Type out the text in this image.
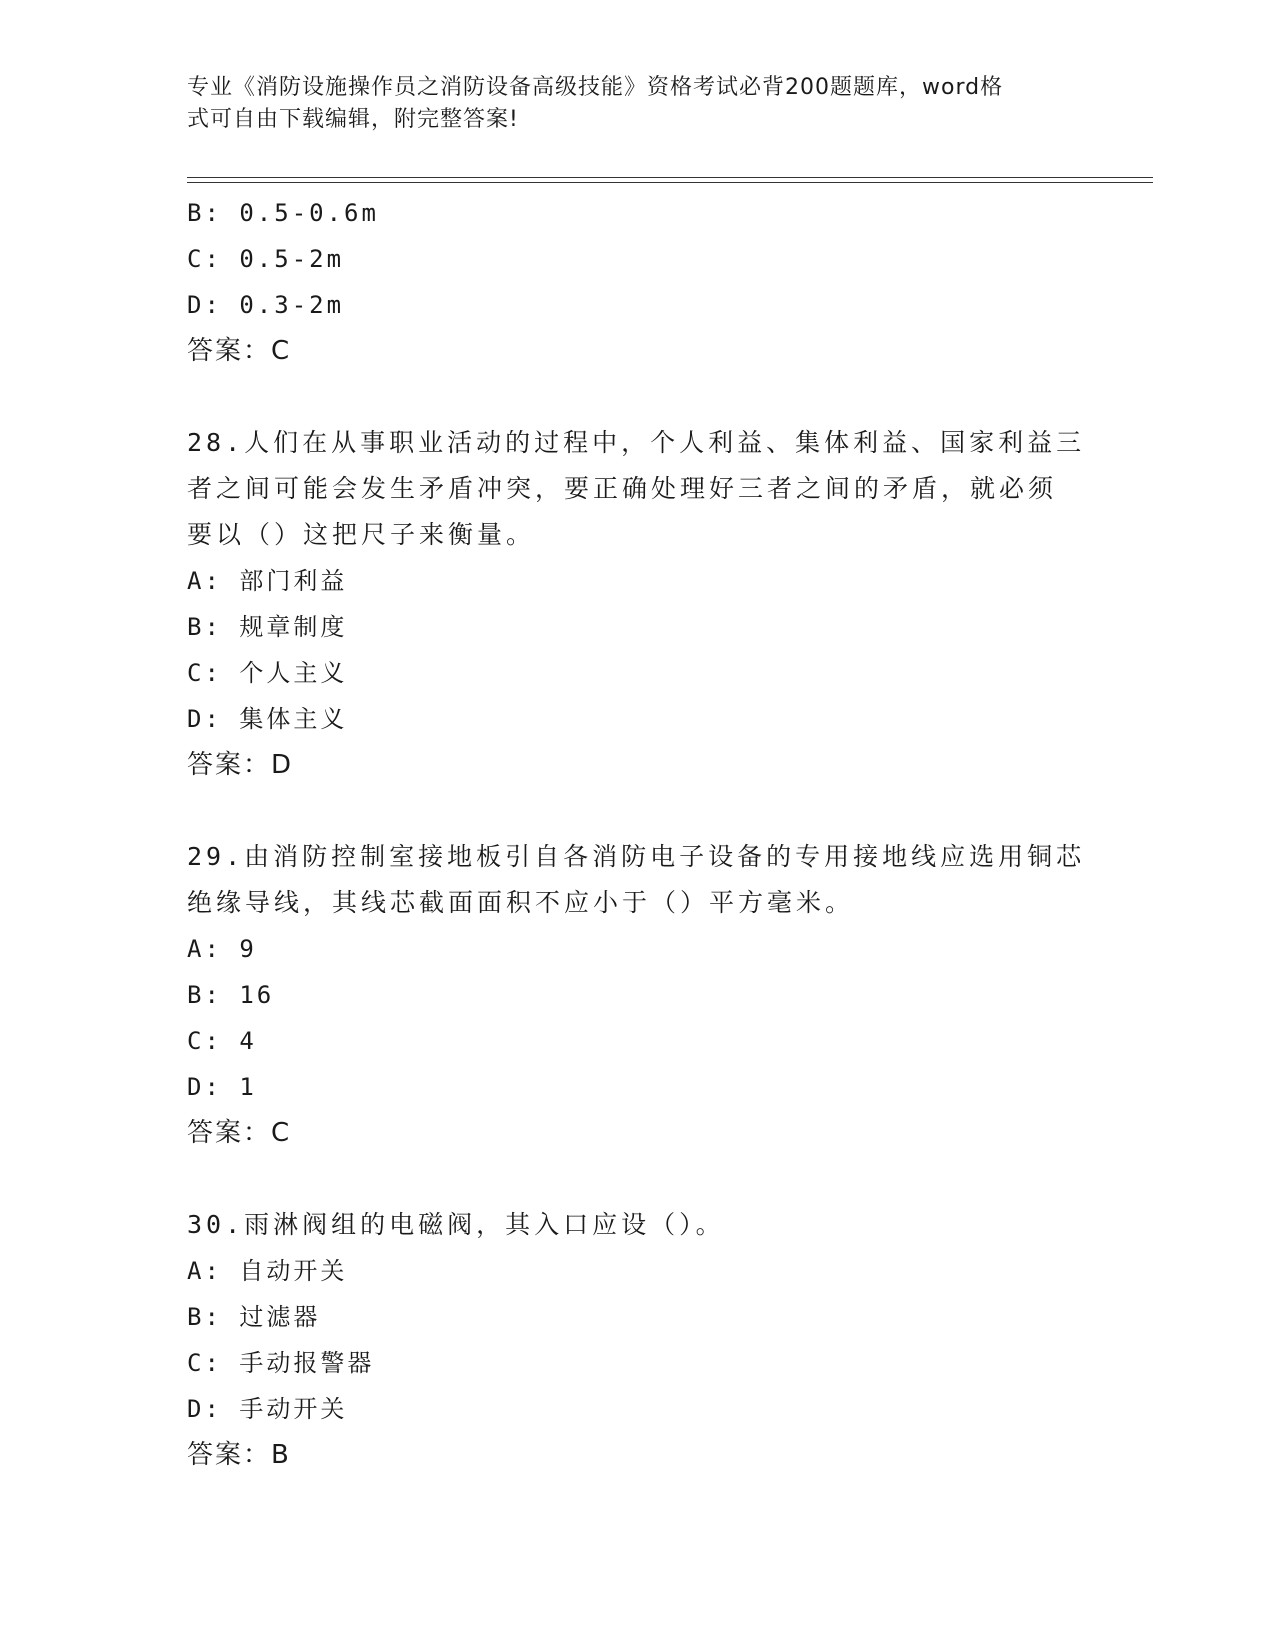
专业《消防设施操作员之消防设备高级技能》资格考试必背200题题库，word格
式可自由下载编辑，附完整答案!
B: 0.5-0.6m
C: 0.5-2m
D: 0.3-2m
答案：C
28.人们在从事职业活动的过程中，个人利益、集体利益、国家利益三
者之间可能会发生矛盾冲突，要正确处理好三者之间的矛盾，就必须
要以（）这把尺子来衡量。
A: 部门利益
B: 规章制度
C: 个人主义
D: 集体主义
答案：D
29.由消防控制室接地板引自各消防电子设备的专用接地线应选用铜芯
绝缘导线，其线芯截面面积不应小于（）平方毫米。
A: 9
B: 16
C: 4
D: 1
答案：C
30.雨淋阀组的电磁阀，其入口应设（）。
A: 自动开关
B: 过滤器
C: 手动报警器
D: 手动开关
答案：B
